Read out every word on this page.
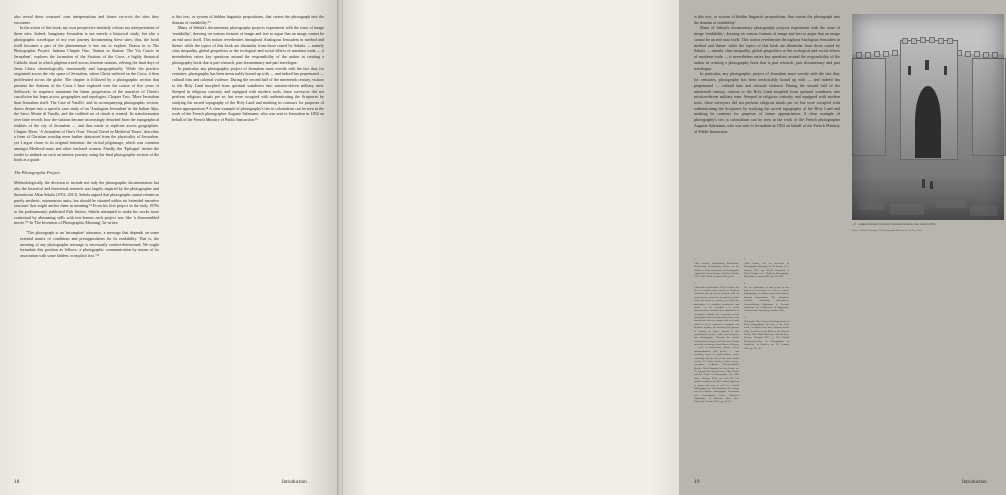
also reveal these creatures' own interpretations and biases vis-a-vis the sites they encounter.

In the action of this book, my own perspective similarly colours my interpretations of these sites. Indeed, Imaginary Jerusalem is not merely a historical study, but also a photographic travelogue of my own journey documenting these sites; thus, the book itself becomes a part of the phenomenon it sets out to explore. Drawn in to The Photographic Project: Indiana Chapter One, 'Station to Station: The Via Crucis in Jerusalem', explores the formation of the Stations of the Cross, a highly theatrical Catholic ritual in which pilgrims travel across fourteen stations, reliving the final days of Jesus Christ chronologically, emotionally and topographically. While the practice originated across the city space of Jerusalem, where Christ suffered on the Cross, it then proliferated across the globe. The chapter is followed by a photographic section that presents the Stations of the Cross I have explored over the course of five years of fieldwork; its sequence maintains the linear progression of the narrative of Christ's crucifixion but leaps across geographies and topologies. Chapter Two, 'More Jerusalem than Jerusalem itself: The Case of Varallo', and its accompanying photographic section, draws deeper into a specific case study of an 'Analogous Jerusalem' in the Italian Alps, the Sacro Monte di Varallo, and the codified set of rituals it created. Its transformation over time records how the stations became increasingly detached from the topographical realities of the city of Jerusalem — and thus easier to replicate across geographies. Chapter Three, 'A Jerusalem of One's Own: Virtual Travel in Medieval Times', describes a form of Christian worship even further abstracted from the physicality of Jerusalem, yet I argue closer to its original intention: the virtual pilgrimage, which was common amongst Medieval nuns and other enclosed women. Finally, the 'Epilogue' invites the reader to embark on such an interior journey, using the final photographic section of the book as a guide.

The Photographic Project

Methodologically, the decision to include not only the photographic documentation but also the historical and theoretical research was largely inspired by the photographer and theoretician Allan Sekula (1951–2013). Sekula argued that photographs cannot remain as purely aesthetic, autonomous units, but should be situated within an 'extended narrative structure' that might anchor them in meaning.¹⁴ From his first project in the early 1970s to his posthumously published Fish Stories, Sekula attempted to make his works more contextual by alternating stills with text-frames each project was like 'a disassembled movie.'¹⁵ In 'The Invention of Photographic Meaning', he writes:

"The photograph is an 'incomplete' utterance, a message that depends on some external matrix of conditions and presuppositions for its readability. That is, the meaning of any photographic message is necessarily context-determined. We might formulate this position as follows: a photographic communication by means of its association with some hidden, or implicit text."¹⁶

is this text, or system of hidden linguistic propositions, that carries the photograph into the domain of readability.'¹⁷

Many of Sekula's documentary photography projects experiment with the issue of image 'readability', drawing on various formats of image and text to argue that an image cannot be an end unto itself. This notion reverberates throughout Analogous Jerusalem in method and theme: while the topics of this book are dissimilar from those raised by Sekula — namely class inequality, global geopolitics or the ecological and social effects of maritime trade — it nevertheless raises key questions around the responsibility of the author in creating a photography book that is part research, part documentary and part travelogue.

In particular, any photographic project of Jerusalem must wrestle with the fact that, for centuries, photography has been inextricably bound up with — and indeed has perpetuated — cultural bias and colonial violence. During the second half of the nineteenth century, visitors to the Holy Land morphed from spiritual wanderers into mission-driven military men. Steeped in religious curiosity and equipped with modern tools, these surveyors did not perform religious rituals per se, but were occupied with authenticating the Scriptures by studying the sacred topography of the Holy Land and marking its contours for purposes of future appropriation.¹⁸ A clear example of photography's ties to colonialism can be seen in the work of the French photographer Auguste Salzmann, who was sent to Jerusalem in 1854 on behalf of the French Ministry of Public Instruction.¹⁹

18	Introduction

is this text, or system of hidden linguistic propositions, that carries the photograph into the domain of readability.'

Many of Sekula's documentary photography projects experiment with the issue of image 'readability', drawing on various formats of image and text to argue that an image cannot be an end unto itself. This notion reverberates throughout Analogous Jerusalem in method and theme: while the topics of this book are dissimilar from those raised by Sekula — namely class inequality, global geopolitics or the ecological and social effects of maritime trade — it nevertheless raises key questions around the responsibility of the author in creating a photography book that is part research, part documentary and part travelogue.

In particular, any photographic project of Jerusalem must wrestle with the fact that, for centuries, photography has been inextricably bound up with — and indeed has perpetuated — cultural bias and colonial violence. During the second half of the nineteenth century, visitors to the Holy Land morphed from spiritual wanderers into mission-driven military men. Steeped in religious curiosity and equipped with modern tools, these surveyors did not perform religious rituals per se, but were occupied with authenticating the Scriptures by studying the sacred topography of the Holy Land and marking its contours for purposes of future appropriation. A clear example of photography's ties to colonialism can be seen in the work of the French photographer Auguste Salzmann, who was sent to Jerusalem in 1854 on behalf of the French Ministry of Public Instruction.

1
Allan Sekula, 'Dismantling Modernism, Reinventing Documentary (Notes on the Politics of Representation)', in Photography Against the Grain: Essays and Photo Works, 1973–1983, Mack, London 2016, p. 60.
2
Aleksandra Poklonskaia (2015) follows the life of a smaller cruise family in Southern California after the Soviet hardware falls off from its past experiences in captivity, Sekula charts the home in a factory, an entity that participates in capitalist production and stands at the frontline of social transformation. Sekula's first installation of Aerospace Folktales was a sequence of 142 photographs and text cards hung on the wall, interspersed between images and text cards sorted so as to construct a temporal and thematic rhythm. He described his process of 'cutting up space, turning it into prefabricated packets, fully and chronicles into photographs.' Through the careful construction of image and text cards, Sekula succeeds in raising a constellation of themes — such as domesticity, labour, crises, industrialization and gender — and revealing layers of representation, visual semiology and the role of the artist within society. Cf. Allan Sekula, Carlos Guerra, Aerospace Folktales: Deconsolidated Movies, World Imprint, in Grey Room, no. 55, Spring 2014, Special Issue: Allan Sekula and the Traffic in Photographs, The MIT Press, Chicago 2014, pp. 130–141. For further reading on Sekula's critical approach to image and text as well as a broad bibliography, see Gil Pasternak, 'The Image and the Caption: Photographs, Production and Consumption under Advanced Capitalism', in Marxism Now: Rice University, Houston 2011, pp. 13–30.
3
Allan Sekula, 'On the Invention of Photographic Meaning', in Art Forum, 13:5, January 1975, pp. 36–45. Reprinted in Victor Burgin (ed.), Thinking Photography, Macmillan, London 1982, pp. 452–453.
4
For an exploration of this period in the history of Jerusalem as well as a broad bibliography, see chapter four of the author's doctoral dissertation: The Imaginary Arsenal: Valorising Monuments, Commodifying Pilgrimage, in Towards Jerusalem: the Architecture of Pilgrimage, Arch-tectural Association, London 2021.
5
Yeshayahu Nir, 'Cultural Predispositions in Early Photography: The Case of the Holy Land', in Nissan Ben-Arieh, Nicolas Stavis (eds), Jerusalem in the Mind of the Western World, 1800–1948: With Eyes Toward Zion, Praeger, Westport 1977, p. 135; Abigail Solomon-Godeau, 'A Photographer in Jerusalem', in October, no. 18, Autumn 1981, pp. 91–107.
←8 Auguste Salzmann, Jerusalem, Jerusalem, Damascus Gate, interior (1854).
Source: Gilman Collection, The Metropolitan Museum of Art, New York
19	Introduction
